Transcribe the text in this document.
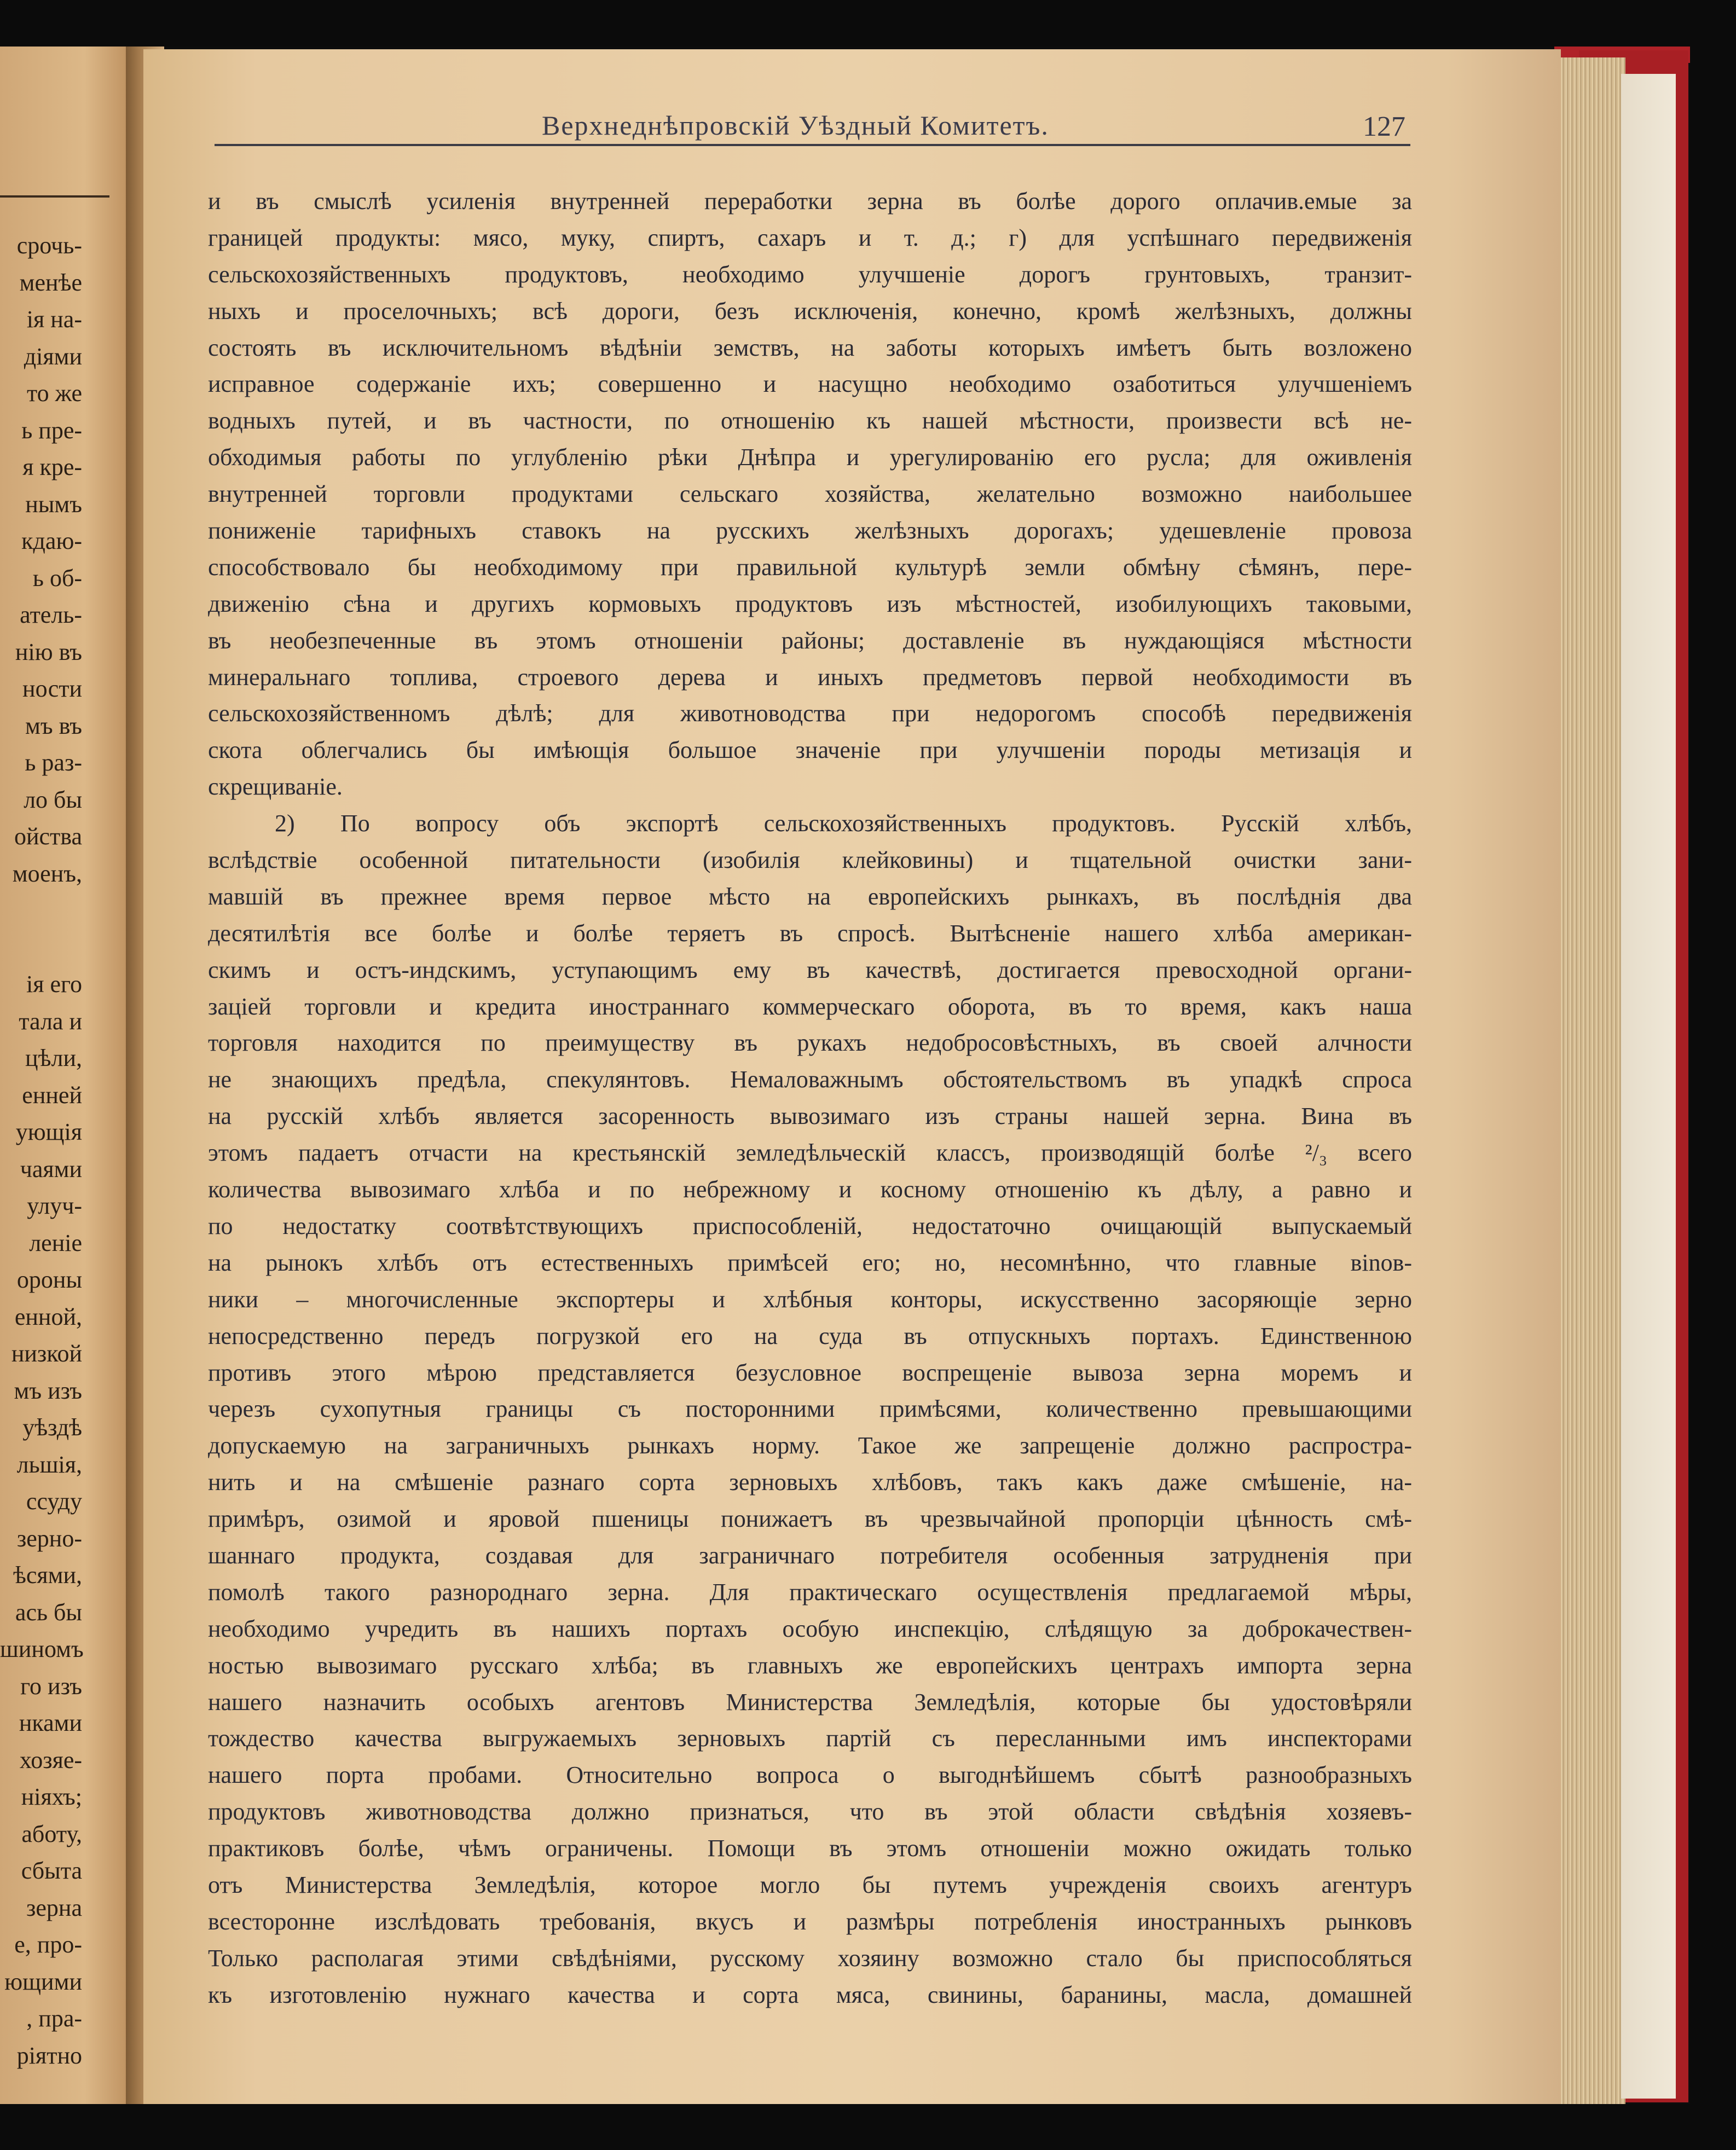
срочь-
менѣе
ія на-
діями
то же
ь пре-
я кре-
нымъ
кдаю-
ь об-
атель-
нію въ
ности
мъ въ
ь раз-
ло бы
ойства
моенъ,
ія его
тала и
цѣли,
енней
ующія
чаями
улуч-
ленiе
ороны
енной,
низкой
мъ изъ
уѣздѣ
льшія,
ссуду
зерно-
ѣсями,
ась бы
шиномъ
го изъ
нками
хозяе-
ніяхъ;
аботу,
сбыта
зерна
е, про-
ющими
, пра-
ріятно
Верхнеднѣпровскій Уѣздный Комитетъ.	127
и въ смыслѣ усиленія внутренней переработки зерна въ болѣе дорого оплачив.емые за
границей продукты: мясо, муку, спиртъ, сахаръ и т. д.; г) для успѣшнаго передвиженія
сельскохозяйственныхъ продуктовъ, необходимо улучшеніе дорогъ грунтовыхъ, транзит-
ныхъ и проселочныхъ; всѣ дороги, безъ исключенія, конечно, кромѣ желѣзныхъ, должны
состоять въ исключительномъ вѣдѣніи земствъ, на заботы которыхъ имѣетъ быть возложено
исправное содержаніе ихъ; совершенно и насущно необходимо озаботиться улучшеніемъ
водныхъ путей, и въ частности, по отношенію къ нашей мѣстности, произвести всѣ не-
обходимыя работы по углубленію рѣки Днѣпра и урегулированію его русла; для оживленія
внутренней торговли продуктами сельскаго хозяйства, желательно возможно наибольшее
пониженіе тарифныхъ ставокъ на русскихъ желѣзныхъ дорогахъ; удешевленіе провоза
способствовало бы необходимому при правильной культурѣ земли обмѣну сѣмянъ, пере-
движенію сѣна и другихъ кормовыхъ продуктовъ изъ мѣстностей, изобилующихъ таковыми,
въ необезпеченные въ этомъ отношеніи районы; доставленіе въ нуждающіяся мѣстности
минеральнаго топлива, строевого дерева и иныхъ предметовъ первой необходимости въ
сельскохозяйственномъ дѣлѣ; для животноводства при недорогомъ способѣ передвиженія
скота облегчались бы имѣющія большое значеніе при улучшеніи породы метизація и
скрещиваніе.
2) По вопросу объ экспортѣ сельскохозяйственныхъ продуктовъ. Русскій хлѣбъ,
вслѣдствіе особенной питательности (изобилія клейковины) и тщательной очистки зани-
мавшій въ прежнее время первое мѣсто на европейскихъ рынкахъ, въ послѣднія два
десятилѣтія все болѣе и болѣе теряетъ въ спросѣ. Вытѣсненіе нашего хлѣба американ-
скимъ и остъ-индскимъ, уступающимъ ему въ качествѣ, достигается превосходной органи-
заціей торговли и кредита иностраннаго коммерческаго оборота, въ то время, какъ наша
торговля находится по преимуществу въ рукахъ недобросовѣстныхъ, въ своей алчности
не знающихъ предѣла, спекулянтовъ. Немаловажнымъ обстоятельствомъ въ упадкѣ спроса
на русскій хлѣбъ является засоренность вывозимаго изъ страны нашей зерна. Вина въ
этомъ падаетъ отчасти на крестьянскій земледѣльческій классъ, производящій болѣе ²/₃ всего
количества вывозимаго хлѣба и по небрежному и косному отношенію къ дѣлу, а равно и
по недостатку соотвѣтствующихъ приспособленій, недостаточно очищающій выпускаемый
на рынокъ хлѣбъ отъ естественныхъ примѣсей его; но, несомнѣнно, что главные вinов-
ники – многочисленные экспортеры и хлѣбныя конторы, искусственно засоряющіе зерно
непосредственно передъ погрузкой его на суда въ отпускныхъ портахъ. Единственною
противъ этого мѣрою представляется безусловное воспрещеніе вывоза зерна моремъ и
черезъ сухопутныя границы съ посторонними примѣсями, количественно превышающими
допускаемую на заграничныхъ рынкахъ норму. Такое же запрещеніе должно распростра-
нить и на смѣшеніе разнаго сорта зерновыхъ хлѣбовъ, такъ какъ даже смѣшеніе, на-
примѣръ, озимой и яровой пшеницы понижаетъ въ чрезвычайной пропорціи цѣнность смѣ-
шаннаго продукта, создавая для заграничнаго потребителя особенныя затрудненія при
помолѣ такого разнороднаго зерна. Для практическаго осуществленія предлагаемой мѣры,
необходимо учредить въ нашихъ портахъ особую инспекцію, слѣдящую за доброкачествен-
ностью вывозимаго русскаго хлѣба; въ главныхъ же европейскихъ центрахъ импорта зерна
нашего назначить особыхъ агентовъ Министерства Земледѣлія, которые бы удостовѣряли
тождество качества выгружаемыхъ зерновыхъ партій съ пересланными имъ инспекторами
нашего порта пробами. Относительно вопроса о выгоднѣйшемъ сбытѣ разнообразныхъ
продуктовъ животноводства должно признаться, что въ этой области свѣдѣнія хозяевъ-
практиковъ болѣе, чѣмъ ограничены. Помощи въ этомъ отношеніи можно ожидать только
отъ Министерства Земледѣлія, которое могло бы путемъ учрежденія своихъ агентуръ
всесторонне изслѣдовать требованія, вкусъ и размѣры потребленія иностранныхъ рынковъ
Только располагая этими свѣдѣніями, русскому хозяину возможно стало бы приспособляться
къ изготовленію нужнаго качества и сорта мяса, свинины, баранины, масла, домашней
